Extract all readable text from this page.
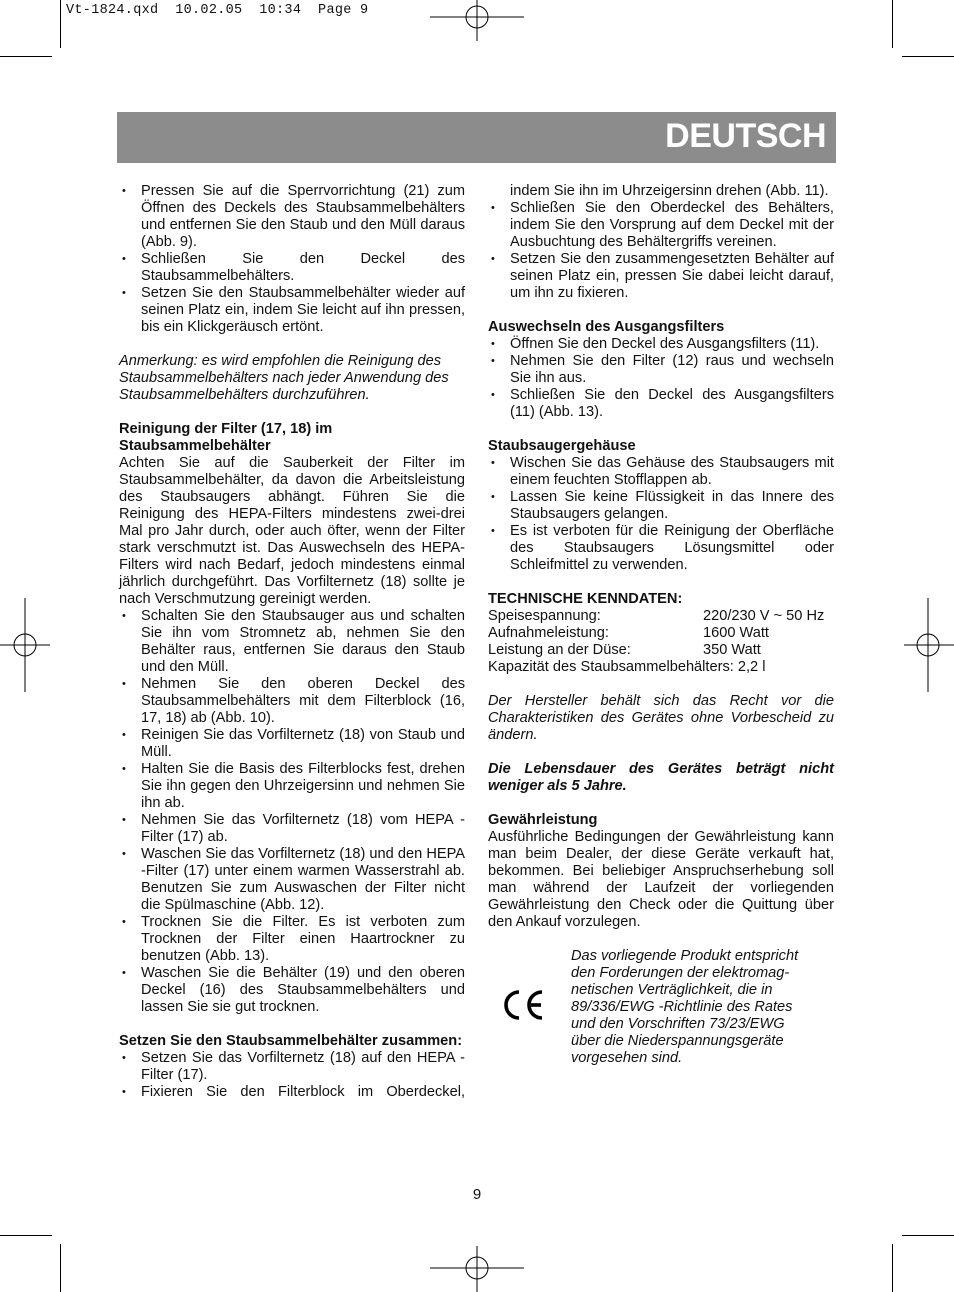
Vt-1824.qxd  10.02.05  10:34  Page 9
DEUTSCH
• Pressen Sie auf die Sperrvorrichtung (21) zum Öffnen des Deckels des Staubsammelbehälters und entfernen Sie den Staub und den Müll daraus (Abb. 9).
• Schließen Sie den Deckel des Staubsammelbehälters.
• Setzen Sie den Staubsammelbehälter wieder auf seinen Platz ein, indem Sie leicht auf ihn pressen, bis ein Klickgeräusch ertönt.

Anmerkung: es wird empfohlen die Reinigung des Staubsammelbehälters nach jeder Anwendung des Staubsammelbehälters durchzuführen.

Reinigung der Filter (17, 18) im Staubsammelbehälter

Achten Sie auf die Sauberkeit der Filter im Staubsammelbehälter, da davon die Arbeitsleistung des Staubsaugers abhängt. Führen Sie die Reinigung des HEPA-Filters mindestens zwei-drei Mal pro Jahr durch, oder auch öfter, wenn der Filter stark verschmutzt ist. Das Auswechseln des HEPA-Filters wird nach Bedarf, jedoch mindestens einmal jährlich durchgeführt. Das Vorfilternetz (18) sollte je nach Verschmutzung gereinigt werden.

• Schalten Sie den Staubsauger aus und schalten Sie ihn vom Stromnetz ab, nehmen Sie den Behälter raus, entfernen Sie daraus den Staub und den Müll.
• Nehmen Sie den oberen Deckel des Staubsammelbehälters mit dem Filterblock (16, 17, 18) ab (Abb. 10).
• Reinigen Sie das Vorfilternetz (18) von Staub und Müll.
• Halten Sie die Basis des Filterblocks fest, drehen Sie ihn gegen den Uhrzeigersinn und nehmen Sie ihn ab.
• Nehmen Sie das Vorfilternetz (18) vom HEPA - Filter (17) ab.
• Waschen Sie das Vorfilternetz (18) und den HEPA -Filter (17) unter einem warmen Wasserstrahl ab. Benutzen Sie zum Auswaschen der Filter nicht die Spülmaschine (Abb. 12).
• Trocknen Sie die Filter. Es ist verboten zum Trocknen der Filter einen Haartrockner zu benutzen (Abb. 13).
• Waschen Sie die Behälter (19) und den oberen Deckel (16) des Staubsammelbehälters und lassen Sie sie gut trocknen.

Setzen Sie den Staubsammelbehälter zusammen:

• Setzen Sie das Vorfilternetz (18) auf den HEPA -Filter (17).
• Fixieren Sie den Filterblock im Oberdeckel,

indem Sie ihn im Uhrzeigersinn drehen (Abb. 11).

• Schließen Sie den Oberdeckel des Behälters, indem Sie den Vorsprung auf dem Deckel mit der Ausbuchtung des Behältergriffs vereinen.
• Setzen Sie den zusammengesetzten Behälter auf seinen Platz ein, pressen Sie dabei leicht darauf, um ihn zu fixieren.

Auswechseln des Ausgangsfilters

• Öffnen Sie den Deckel des Ausgangsfilters (11).
• Nehmen Sie den Filter (12) raus und wechseln Sie ihn aus.
• Schließen Sie den Deckel des Ausgangsfilters (11) (Abb. 13).

Staubsaugergehäuse

• Wischen Sie das Gehäuse des Staubsaugers mit einem feuchten Stofflappen ab.
• Lassen Sie keine Flüssigkeit in das Innere des Staubsaugers gelangen.
• Es ist verboten für die Reinigung der Oberfläche des Staubsaugers Lösungsmittel oder Schleifmittel zu verwenden.

TECHNISCHE KENNDATEN:

Speisespannung:	220/230 V ~ 50 Hz
Aufnahmeleistung:	1600 Watt
Leistung an der Düse:	350 Watt

Kapazität des Staubsammelbehälters: 2,2 l

Der Hersteller behält sich das Recht vor die Charakteristiken des Gerätes ohne Vorbescheid zu ändern.

Die Lebensdauer des Gerätes beträgt nicht weniger als 5 Jahre.

Gewährleistung

Ausführliche Bedingungen der Gewährleistung kann man beim Dealer, der diese Geräte verkauft hat, bekommen. Bei beliebiger Anspruchserhebung soll man während der Laufzeit der vorliegenden Gewährleistung den Check oder die Quittung über den Ankauf vorzulegen.

Das vorliegende Produkt entspricht
den Forderungen der elektromag-
netischen Verträglichkeit, die in
89/336/EWG -Richtlinie des Rates
und den Vorschriften 73/23/EWG
über die Niederspannungsgeräte
vorgesehen sind.
9
